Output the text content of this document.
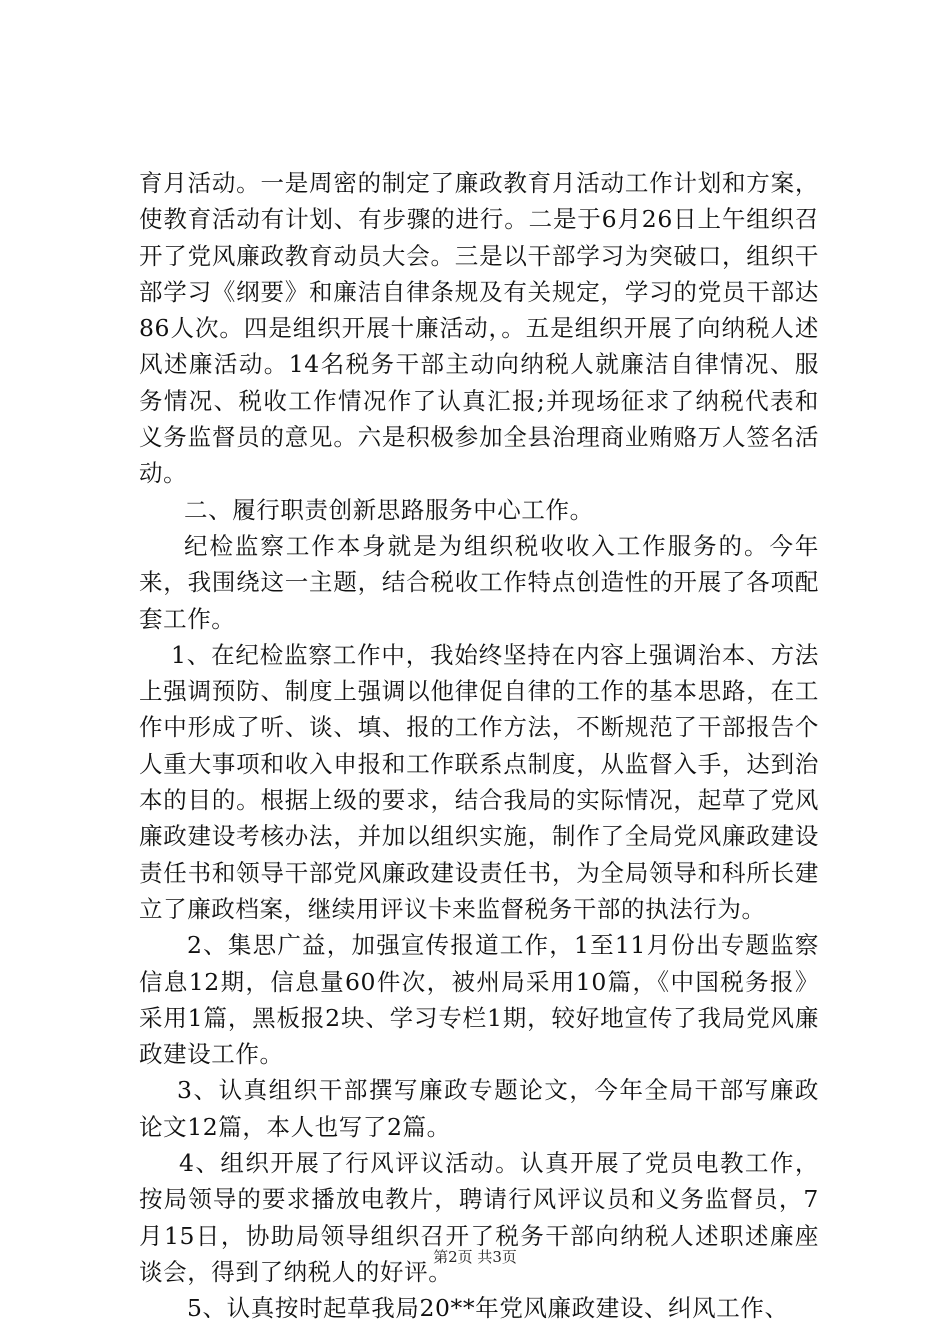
育月活动。一是周密的制定了廉政教育月活动工作计划和方案，使教育活动有计划、有步骤的进行。二是于6月26日上午组织召开了党风廉政教育动员大会。三是以干部学习为突破口，组织干部学习《纲要》和廉洁自律条规及有关规定，学习的党员干部达86人次。四是组织开展十廉活动，。五是组织开展了向纳税人述风述廉活动。14名税务干部主动向纳税人就廉洁自律情况、服务情况、税收工作情况作了认真汇报;并现场征求了纳税代表和义务监督员的意见。六是积极参加全县治理商业贿赂万人签名活动。

二、履行职责创新思路服务中心工作。

纪检监察工作本身就是为组织税收收入工作服务的。今年来，我围绕这一主题，结合税收工作特点创造性的开展了各项配套工作。

1、在纪检监察工作中，我始终坚持在内容上强调治本、方法上强调预防、制度上强调以他律促自律的工作的基本思路，在工作中形成了听、谈、填、报的工作方法，不断规范了干部报告个人重大事项和收入申报和工作联系点制度，从监督入手，达到治本的目的。根据上级的要求，结合我局的实际情况，起草了党风廉政建设考核办法，并加以组织实施，制作了全局党风廉政建设责任书和领导干部党风廉政建设责任书，为全局领导和科所长建立了廉政档案，继续用评议卡来监督税务干部的执法行为。

2、集思广益，加强宣传报道工作，1至11月份出专题监察信息12期，信息量60件次，被州局采用10篇，《中国税务报》采用1篇，黑板报2块、学习专栏1期，较好地宣传了我局党风廉政建设工作。

3、认真组织干部撰写廉政专题论文，今年全局干部写廉政论文12篇，本人也写了2篇。

4、组织开展了行风评议活动。认真开展了党员电教工作，按局领导的要求播放电教片，聘请行风评议员和义务监督员，7月15日，协助局领导组织召开了税务干部向纳税人述职述廉座谈会，得到了纳税人的好评。

5、认真按时起草我局20**年党风廉政建设、纠风工作、

第2页 共3页
